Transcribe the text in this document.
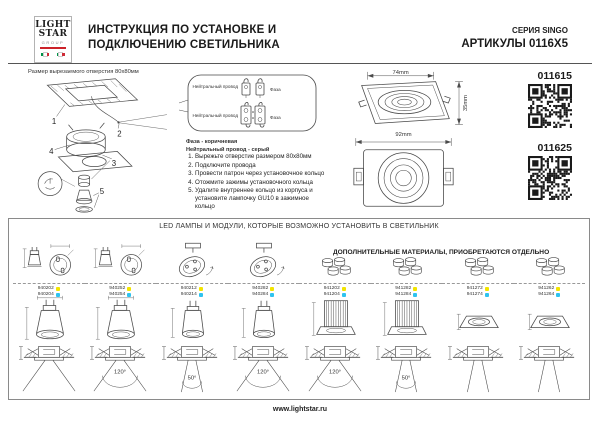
LIGHT
STAR
GROUP

ИНСТРУКЦИЯ ПО УСТАНОВКЕ И
ПОДКЛЮЧЕНИЮ СВЕТИЛЬНИКА
СЕРИЯ SINGO
АРТИКУЛЫ 0116X5
Размер вырезаемого отверстия 80х80мм
1
2
3
4
5
Нейтральный провод
Нейтральный провод
Фаза
Фаза
Фаза - коричневая
Нейтральный провод - серый
1. Вырежьте отверстие размером 80х80мм
2. Подключите провода
3. Провести патрон через установочное кольцо
4. Отожмите зажимы установочного кольца
5. Удалите внутреннее кольцо из корпуса и установите лампочку GU10 в зажимное кольцо
74mm
35mm
92mm
011615
011625
LED ЛАМПЫ И МОДУЛИ, КОТОРЫЕ ВОЗМОЖНО УСТАНОВИТЬ В СВЕТИЛЬНИК
ДОПОЛНИТЕЛЬНЫЕ МАТЕРИАЛЫ, ПРИОБРЕТАЮТСЯ ОТДЕЛЬНО
940202
940204
940252
940254
120°
940212
940214
50°
940282
940284
120°
941202
941204
120°
941282
941284
50°
941272
941274
941262
941264
www.lightstar.ru
